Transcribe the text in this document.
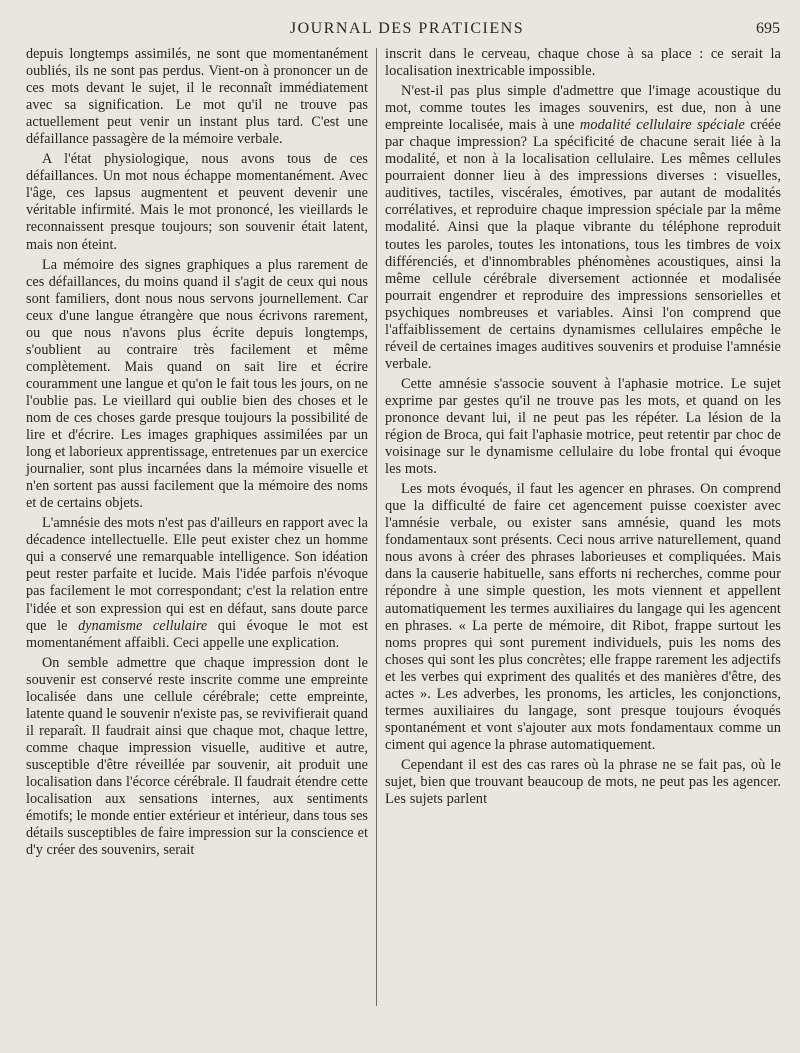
JOURNAL DES PRATICIENS	695

depuis longtemps assimilés, ne sont que momentanément oubliés, ils ne sont pas perdus. Vient-on à prononcer un de ces mots devant le sujet, il le reconnaît immédiatement avec sa signification. Le mot qu'il ne trouve pas actuellement peut venir un instant plus tard. C'est une défaillance passagère de la mémoire verbale.

A l'état physiologique, nous avons tous de ces défaillances. Un mot nous échappe momentanément. Avec l'âge, ces lapsus augmentent et peuvent devenir une véritable infirmité. Mais le mot prononcé, les vieillards le reconnaissent presque toujours; son souvenir était latent, mais non éteint.

La mémoire des signes graphiques a plus rarement de ces défaillances, du moins quand il s'agit de ceux qui nous sont familiers, dont nous nous servons journellement. Car ceux d'une langue étrangère que nous écrivons rarement, ou que nous n'avons plus écrite depuis longtemps, s'oublient au contraire très facilement et même complètement. Mais quand on sait lire et écrire couramment une langue et qu'on le fait tous les jours, on ne l'oublie pas. Le vieillard qui oublie bien des choses et le nom de ces choses garde presque toujours la possibilité de lire et d'écrire. Les images graphiques assimilées par un long et laborieux apprentissage, entretenues par un exercice journalier, sont plus incarnées dans la mémoire visuelle et n'en sortent pas aussi facilement que la mémoire des noms et de certains objets.

L'amnésie des mots n'est pas d'ailleurs en rapport avec la décadence intellectuelle. Elle peut exister chez un homme qui a conservé une remarquable intelligence. Son idéation peut rester parfaite et lucide. Mais l'idée parfois n'évoque pas facilement le mot correspondant; c'est la relation entre l'idée et son expression qui est en défaut, sans doute parce que le dynamisme cellulaire qui évoque le mot est momentanément affaibli. Ceci appelle une explication.

On semble admettre que chaque impression dont le souvenir est conservé reste inscrite comme une empreinte localisée dans une cellule cérébrale; cette empreinte, latente quand le souvenir n'existe pas, se revivifierait quand il reparaît. Il faudrait ainsi que chaque mot, chaque lettre, comme chaque impression visuelle, auditive et autre, susceptible d'être réveillée par souvenir, ait produit une localisation dans l'écorce cérébrale. Il faudrait étendre cette localisation aux sensations internes, aux sentiments émotifs; le monde entier extérieur et intérieur, dans tous ses détails susceptibles de faire impression sur la conscience et d'y créer des souvenirs, serait

inscrit dans le cerveau, chaque chose à sa place : ce serait la localisation inextricable impossible.

N'est-il pas plus simple d'admettre que l'image acoustique du mot, comme toutes les images souvenirs, est due, non à une empreinte localisée, mais à une modalité cellulaire spéciale créée par chaque impression? La spécificité de chacune serait liée à la modalité, et non à la localisation cellulaire. Les mêmes cellules pourraient donner lieu à des impressions diverses : visuelles, auditives, tactiles, viscérales, émotives, par autant de modalités corrélatives, et reproduire chaque impression spéciale par la même modalité. Ainsi que la plaque vibrante du téléphone reproduit toutes les paroles, toutes les intonations, tous les timbres de voix différenciés, et d'innombrables phénomènes acoustiques, ainsi la même cellule cérébrale diversement actionnée et modalisée pourrait engendrer et reproduire des impressions sensorielles et psychiques nombreuses et variables. Ainsi l'on comprend que l'affaiblissement de certains dynamismes cellulaires empêche le réveil de certaines images auditives souvenirs et produise l'amnésie verbale.

Cette amnésie s'associe souvent à l'aphasie motrice. Le sujet exprime par gestes qu'il ne trouve pas les mots, et quand on les prononce devant lui, il ne peut pas les répéter. La lésion de la région de Broca, qui fait l'aphasie motrice, peut retentir par choc de voisinage sur le dynamisme cellulaire du lobe frontal qui évoque les mots.

Les mots évoqués, il faut les agencer en phrases. On comprend que la difficulté de faire cet agencement puisse coexister avec l'amnésie verbale, ou exister sans amnésie, quand les mots fondamentaux sont présents. Ceci nous arrive naturellement, quand nous avons à créer des phrases laborieuses et compliquées. Mais dans la causerie habituelle, sans efforts ni recherches, comme pour répondre à une simple question, les mots viennent et appellent automatiquement les termes auxiliaires du langage qui les agencent en phrases. « La perte de mémoire, dit Ribot, frappe surtout les noms propres qui sont purement individuels, puis les noms des choses qui sont les plus concrètes; elle frappe rarement les adjectifs et les verbes qui expriment des qualités et des manières d'être, des actes ». Les adverbes, les pronoms, les articles, les conjonctions, termes auxiliaires du langage, sont presque toujours évoqués spontanément et vont s'ajouter aux mots fondamentaux comme un ciment qui agence la phrase automatiquement.

Cependant il est des cas rares où la phrase ne se fait pas, où le sujet, bien que trouvant beaucoup de mots, ne peut pas les agencer. Les sujets parlent
